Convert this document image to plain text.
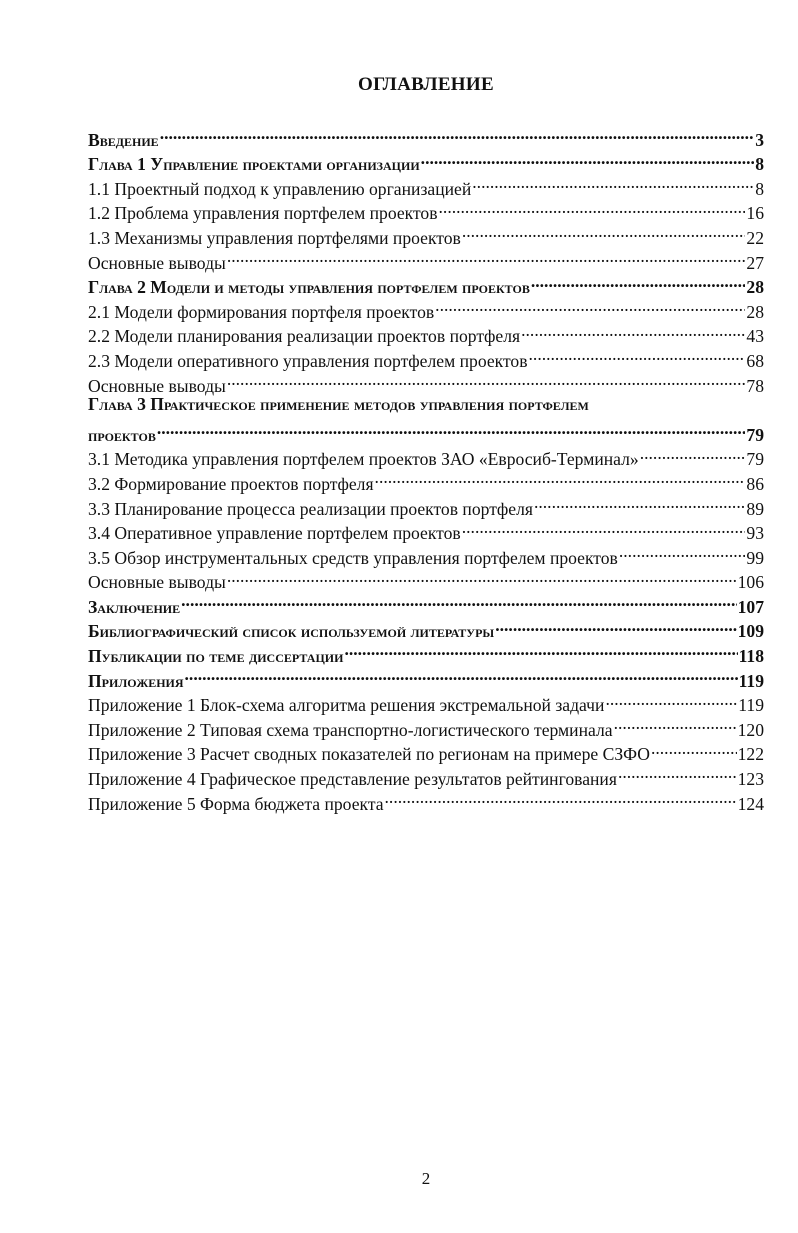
ОГЛАВЛЕНИЕ
Введение .....	3
Глава 1 Управление проектами организации .....	8
1.1 Проектный подход к управлению организацией .....	8
1.2 Проблема управления портфелем проектов .....	16
1.3 Механизмы управления портфелями проектов .....	22
Основные выводы .....	27
Глава 2 Модели и методы управления портфелем проектов .....	28
2.1 Модели формирования портфеля проектов .....	28
2.2 Модели планирования реализации проектов портфеля .....	43
2.3 Модели оперативного управления портфелем проектов .....	68
Основные выводы .....	78
Глава 3 Практическое применение методов управления портфелем
проектов .....	79
3.1 Методика управления портфелем проектов ЗАО «Евросиб-Терминал» .....	79
3.2 Формирование проектов портфеля .....	86
3.3 Планирование процесса реализации проектов портфеля .....	89
3.4 Оперативное управление портфелем проектов .....	93
3.5 Обзор инструментальных средств управления портфелем проектов .....	99
Основные выводы .....	106
Заключение .....	107
Библиографический список используемой литературы .....	109
Публикации по теме диссертации .....	118
Приложения .....	119
Приложение 1 Блок-схема алгоритма решения экстремальной задачи .....	119
Приложение 2 Типовая схема транспортно-логистического терминала .....	120
Приложение 3 Расчет сводных показателей по регионам на примере СЗФО .....	122
Приложение 4 Графическое представление результатов рейтингования .....	123
Приложение 5 Форма бюджета проекта .....	124
2
